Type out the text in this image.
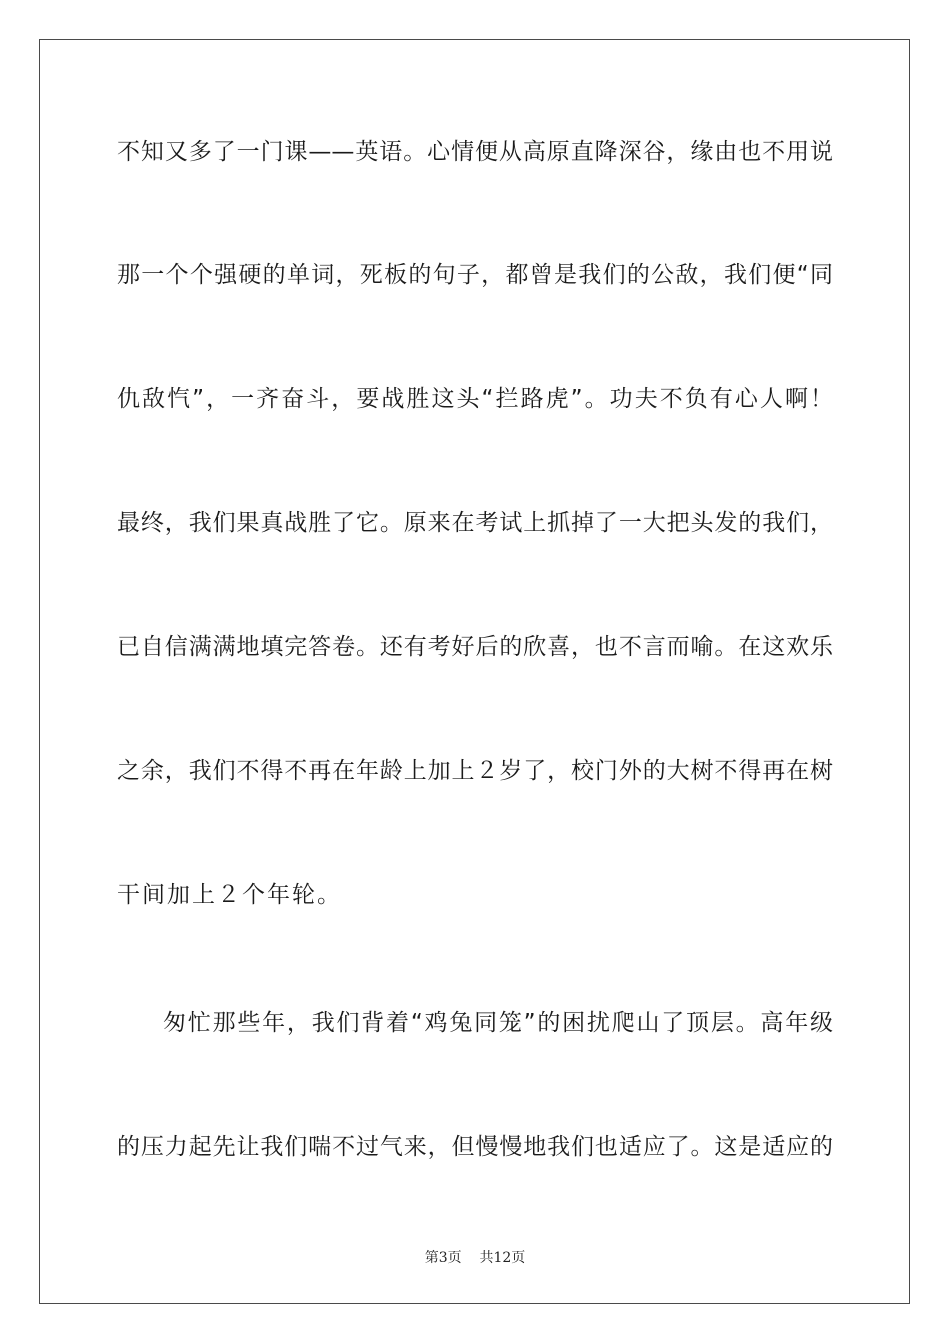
不知又多了一门课——英语。心情便从高原直降深谷，缘由也不用说
那一个个强硬的单词，死板的句子，都曾是我们的公敌，我们便“同
仇敌忾”，一齐奋斗，要战胜这头“拦路虎”。功夫不负有心人啊！
最终，我们果真战胜了它。原来在考试上抓掉了一大把头发的我们，
已自信满满地填完答卷。还有考好后的欣喜，也不言而喻。在这欢乐
之余，我们不得不再在年龄上加上２岁了，校门外的大树不得再在树
干间加上２个年轮。
匆忙那些年，我们背着“鸡兔同笼”的困扰爬山了顶层。高年级
的压力起先让我们喘不过气来，但慢慢地我们也适应了。这是适应的
第3页 共12页
